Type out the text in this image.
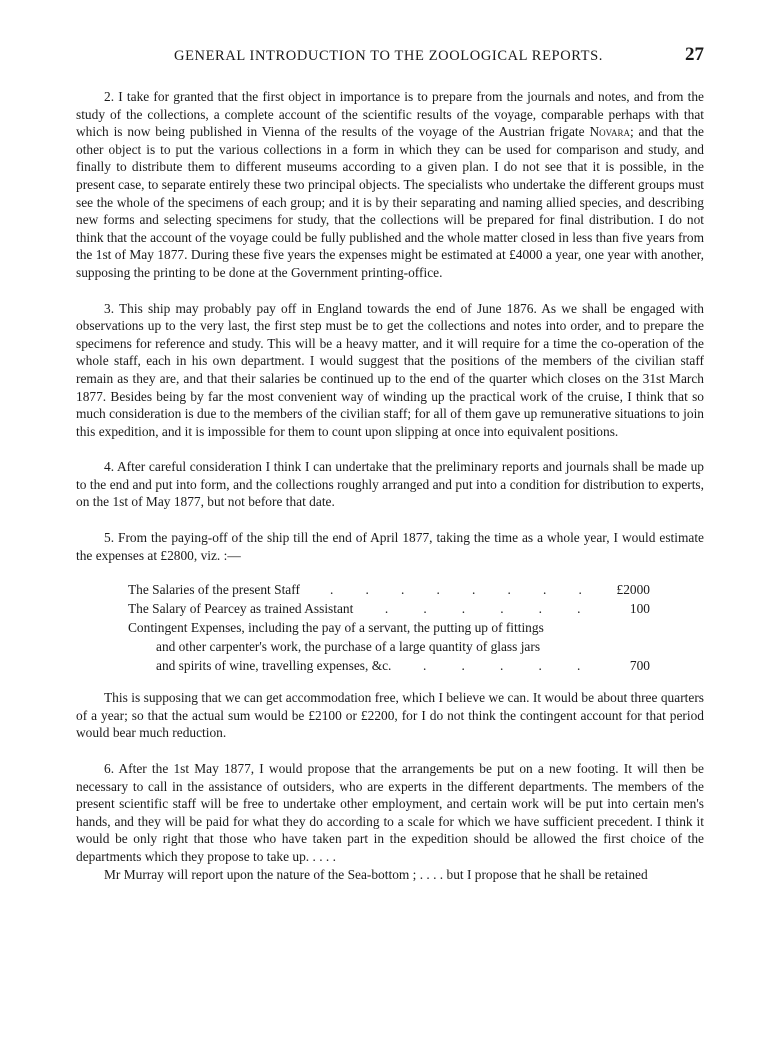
GENERAL INTRODUCTION TO THE ZOOLOGICAL REPORTS.	27

2. I take for granted that the first object in importance is to prepare from the journals and notes, and from the study of the collections, a complete account of the scientific results of the voyage, comparable perhaps with that which is now being published in Vienna of the results of the voyage of the Austrian frigate Novara; and that the other object is to put the various collections in a form in which they can be used for comparison and study, and finally to distribute them to different museums according to a given plan. I do not see that it is possible, in the present case, to separate entirely these two principal objects. The specialists who undertake the different groups must see the whole of the specimens of each group; and it is by their separating and naming allied species, and describing new forms and selecting specimens for study, that the collections will be prepared for final distribution. I do not think that the account of the voyage could be fully published and the whole matter closed in less than five years from the 1st of May 1877. During these five years the expenses might be estimated at £4000 a year, one year with another, supposing the printing to be done at the Government printing-office.

3. This ship may probably pay off in England towards the end of June 1876. As we shall be engaged with observations up to the very last, the first step must be to get the collections and notes into order, and to prepare the specimens for reference and study. This will be a heavy matter, and it will require for a time the co-operation of the whole staff, each in his own department. I would suggest that the positions of the members of the civilian staff remain as they are, and that their salaries be continued up to the end of the quarter which closes on the 31st March 1877. Besides being by far the most convenient way of winding up the practical work of the cruise, I think that so much consideration is due to the members of the civilian staff; for all of them gave up remunerative situations to join this expedition, and it is impossible for them to count upon slipping at once into equivalent positions.

4. After careful consideration I think I can undertake that the preliminary reports and journals shall be made up to the end and put into form, and the collections roughly arranged and put into a condition for distribution to experts, on the 1st of May 1877, but not before that date.

5. From the paying-off of the ship till the end of April 1877, taking the time as a whole year, I would estimate the expenses at £2800, viz. :—

The Salaries of the present Staff . . . . . . . .	£2000
The Salary of Pearcey as trained Assistant .	.	.	.	.	.	100
Contingent Expenses, including the pay of a servant, the putting up of fittings
and other carpenter's work, the purchase of a large quantity of glass jars
and spirits of wine, travelling expenses, &c. .	.	.	.	.	700

This is supposing that we can get accommodation free, which I believe we can. It would be about three quarters of a year; so that the actual sum would be £2100 or £2200, for I do not think the contingent account for that period would bear much reduction.

6. After the 1st May 1877, I would propose that the arrangements be put on a new footing. It will then be necessary to call in the assistance of outsiders, who are experts in the different departments. The members of the present scientific staff will be free to undertake other employment, and certain work will be put into certain men's hands, and they will be paid for what they do according to a scale for which we have sufficient precedent. I think it would be only right that those who have taken part in the expedition should be allowed the first choice of the departments which they propose to take up. . . . .

Mr Murray will report upon the nature of the Sea-bottom ; . . . . but I propose that he shall be retained
